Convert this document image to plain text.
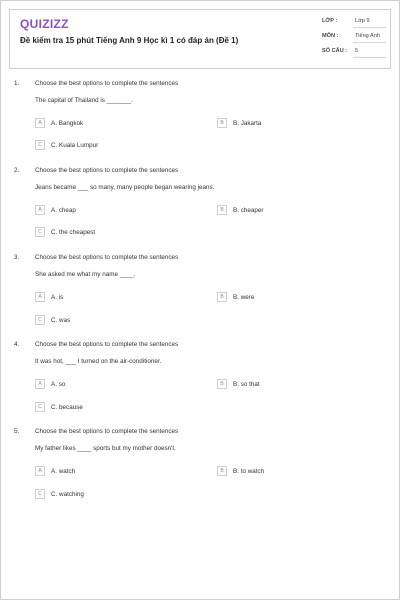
QUIZIZZ
Đề kiểm tra 15 phút Tiếng Anh 9 Học kì 1 có đáp án (Đề 1)
LỚP :	Lớp 9
MÔN :	Tiếng Anh
SỐ CÂU : 5
1. Choose the best options to complete the sentences
The capital of Thailand is _______.
A	A. Bangkok	B	B. Jakarta
C	C. Kuala Lumpur
2. Choose the best options to complete the sentences
Jeans became ___ so many, many people began wearing jeans.
A	A. cheap	B	B. cheaper
C	C. the cheapest
3. Choose the best options to complete the sentences
She asked me what my name ____.
A	A. is	B	B. were
C	C. was
4. Choose the best options to complete the sentences
It was hot, ___ I turned on the air-conditioner.
A	A. so	B	B. so that
C	C. because
5. Choose the best options to complete the sentences
My father likes ____ sports but my mother doesn't.
A	A. watch	B	B. to watch
C	C. watching
